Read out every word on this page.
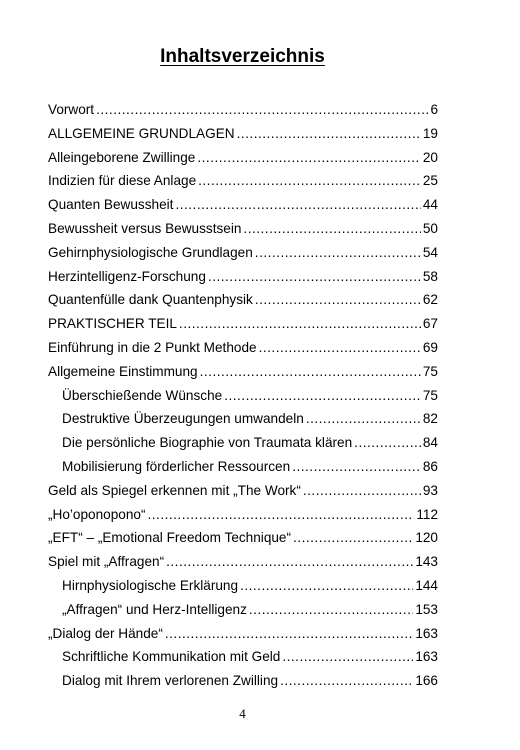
Inhaltsverzeichnis
Vorwort .....	6
ALLGEMEINE GRUNDLAGEN .....	19
Alleingeborene Zwillinge .....	20
Indizien für diese Anlage .....	25
Quanten Bewussheit .....	44
Bewussheit versus Bewusstsein .....	50
Gehirnphysiologische Grundlagen .....	54
Herzintelligenz-Forschung .....	58
Quantenfülle dank Quantenphysik .....	62
PRAKTISCHER TEIL .....	67
Einführung in die 2 Punkt Methode .....	69
Allgemeine Einstimmung .....	75
Überschießende Wünsche .....	75
Destruktive Überzeugungen umwandeln .....	82
Die persönliche Biographie von Traumata klären .....	84
Mobilisierung förderlicher Ressourcen .....	86
Geld als Spiegel erkennen mit „The Work“ .....	93
„Ho’oponopono“ .....	112
„EFT“ – „Emotional Freedom Technique“ .....	120
Spiel mit „Affragen“ .....	143
Hirnphysiologische Erklärung .....	144
„Affragen“ und Herz-Intelligenz .....	153
„Dialog der Hände“ .....	163
Schriftliche Kommunikation mit Geld .....	163
Dialog mit Ihrem verlorenen Zwilling .....	166
4
